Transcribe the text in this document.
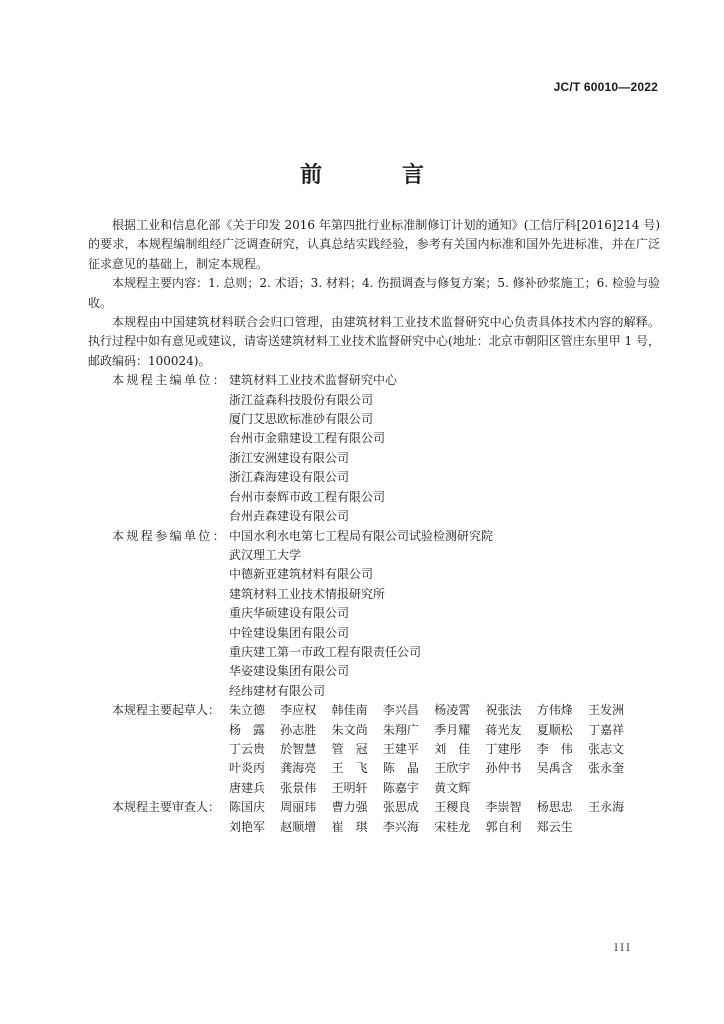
JC/T 60010—2022
前 言

根据工业和信息化部《关于印发 2016 年第四批行业标准制修订计划的通知》(工信厅科[2016]214 号)的要求，本规程编制组经广泛调查研究，认真总结实践经验，参考有关国内标准和国外先进标准，并在广泛征求意见的基础上，制定本规程。

本规程主要内容：1. 总则；2. 术语；3. 材料；4. 伤损调查与修复方案；5. 修补砂浆施工；6. 检验与验收。

本规程由中国建筑材料联合会归口管理，由建筑材料工业技术监督研究中心负责具体技术内容的解释。执行过程中如有意见或建议，请寄送建筑材料工业技术监督研究中心(地址：北京市朝阳区管庄东里甲 1 号，邮政编码：100024)。

本规程主编单位： 建筑材料工业技术监督研究中心
浙江益森科技股份有限公司
厦门艾思欧标准砂有限公司
台州市金鼎建设工程有限公司
浙江安洲建设有限公司
浙江森海建设有限公司
台州市泰辉市政工程有限公司
台州垚森建设有限公司
本规程参编单位： 中国水利水电第七工程局有限公司试验检测研究院
武汉理工大学
中德新亚建筑材料有限公司
建筑材料工业技术情报研究所
重庆华硕建设有限公司
中铨建设集团有限公司
重庆建工第一市政工程有限责任公司
华姿建设集团有限公司
经纬建材有限公司
本规程主要起草人： 朱立德	李应权	韩佳南	李兴昌	杨凌霄	祝张法	方伟烽	王发洲
杨　露	孙志胜	朱文尚	朱翔广	季月耀	蒋光友	夏顺松	丁嘉祥
丁云贵	於智慧	管　冠	王建平	刘　佳	丁建彤	李　伟	张志文
叶炎丙	龚海亮	王　飞	陈　晶	王欣宇	孙仲书	吴禹含	张永奎
唐建兵	张景伟	王明轩	陈嘉宇	黄文辉
本规程主要审查人： 陈国庆	周丽玮	曹力强	张思成	王稷良	李崇智	杨思忠	王永海
刘艳军	赵顺增	崔　琪	李兴海	宋桂龙	郭自利	郑云生
III
